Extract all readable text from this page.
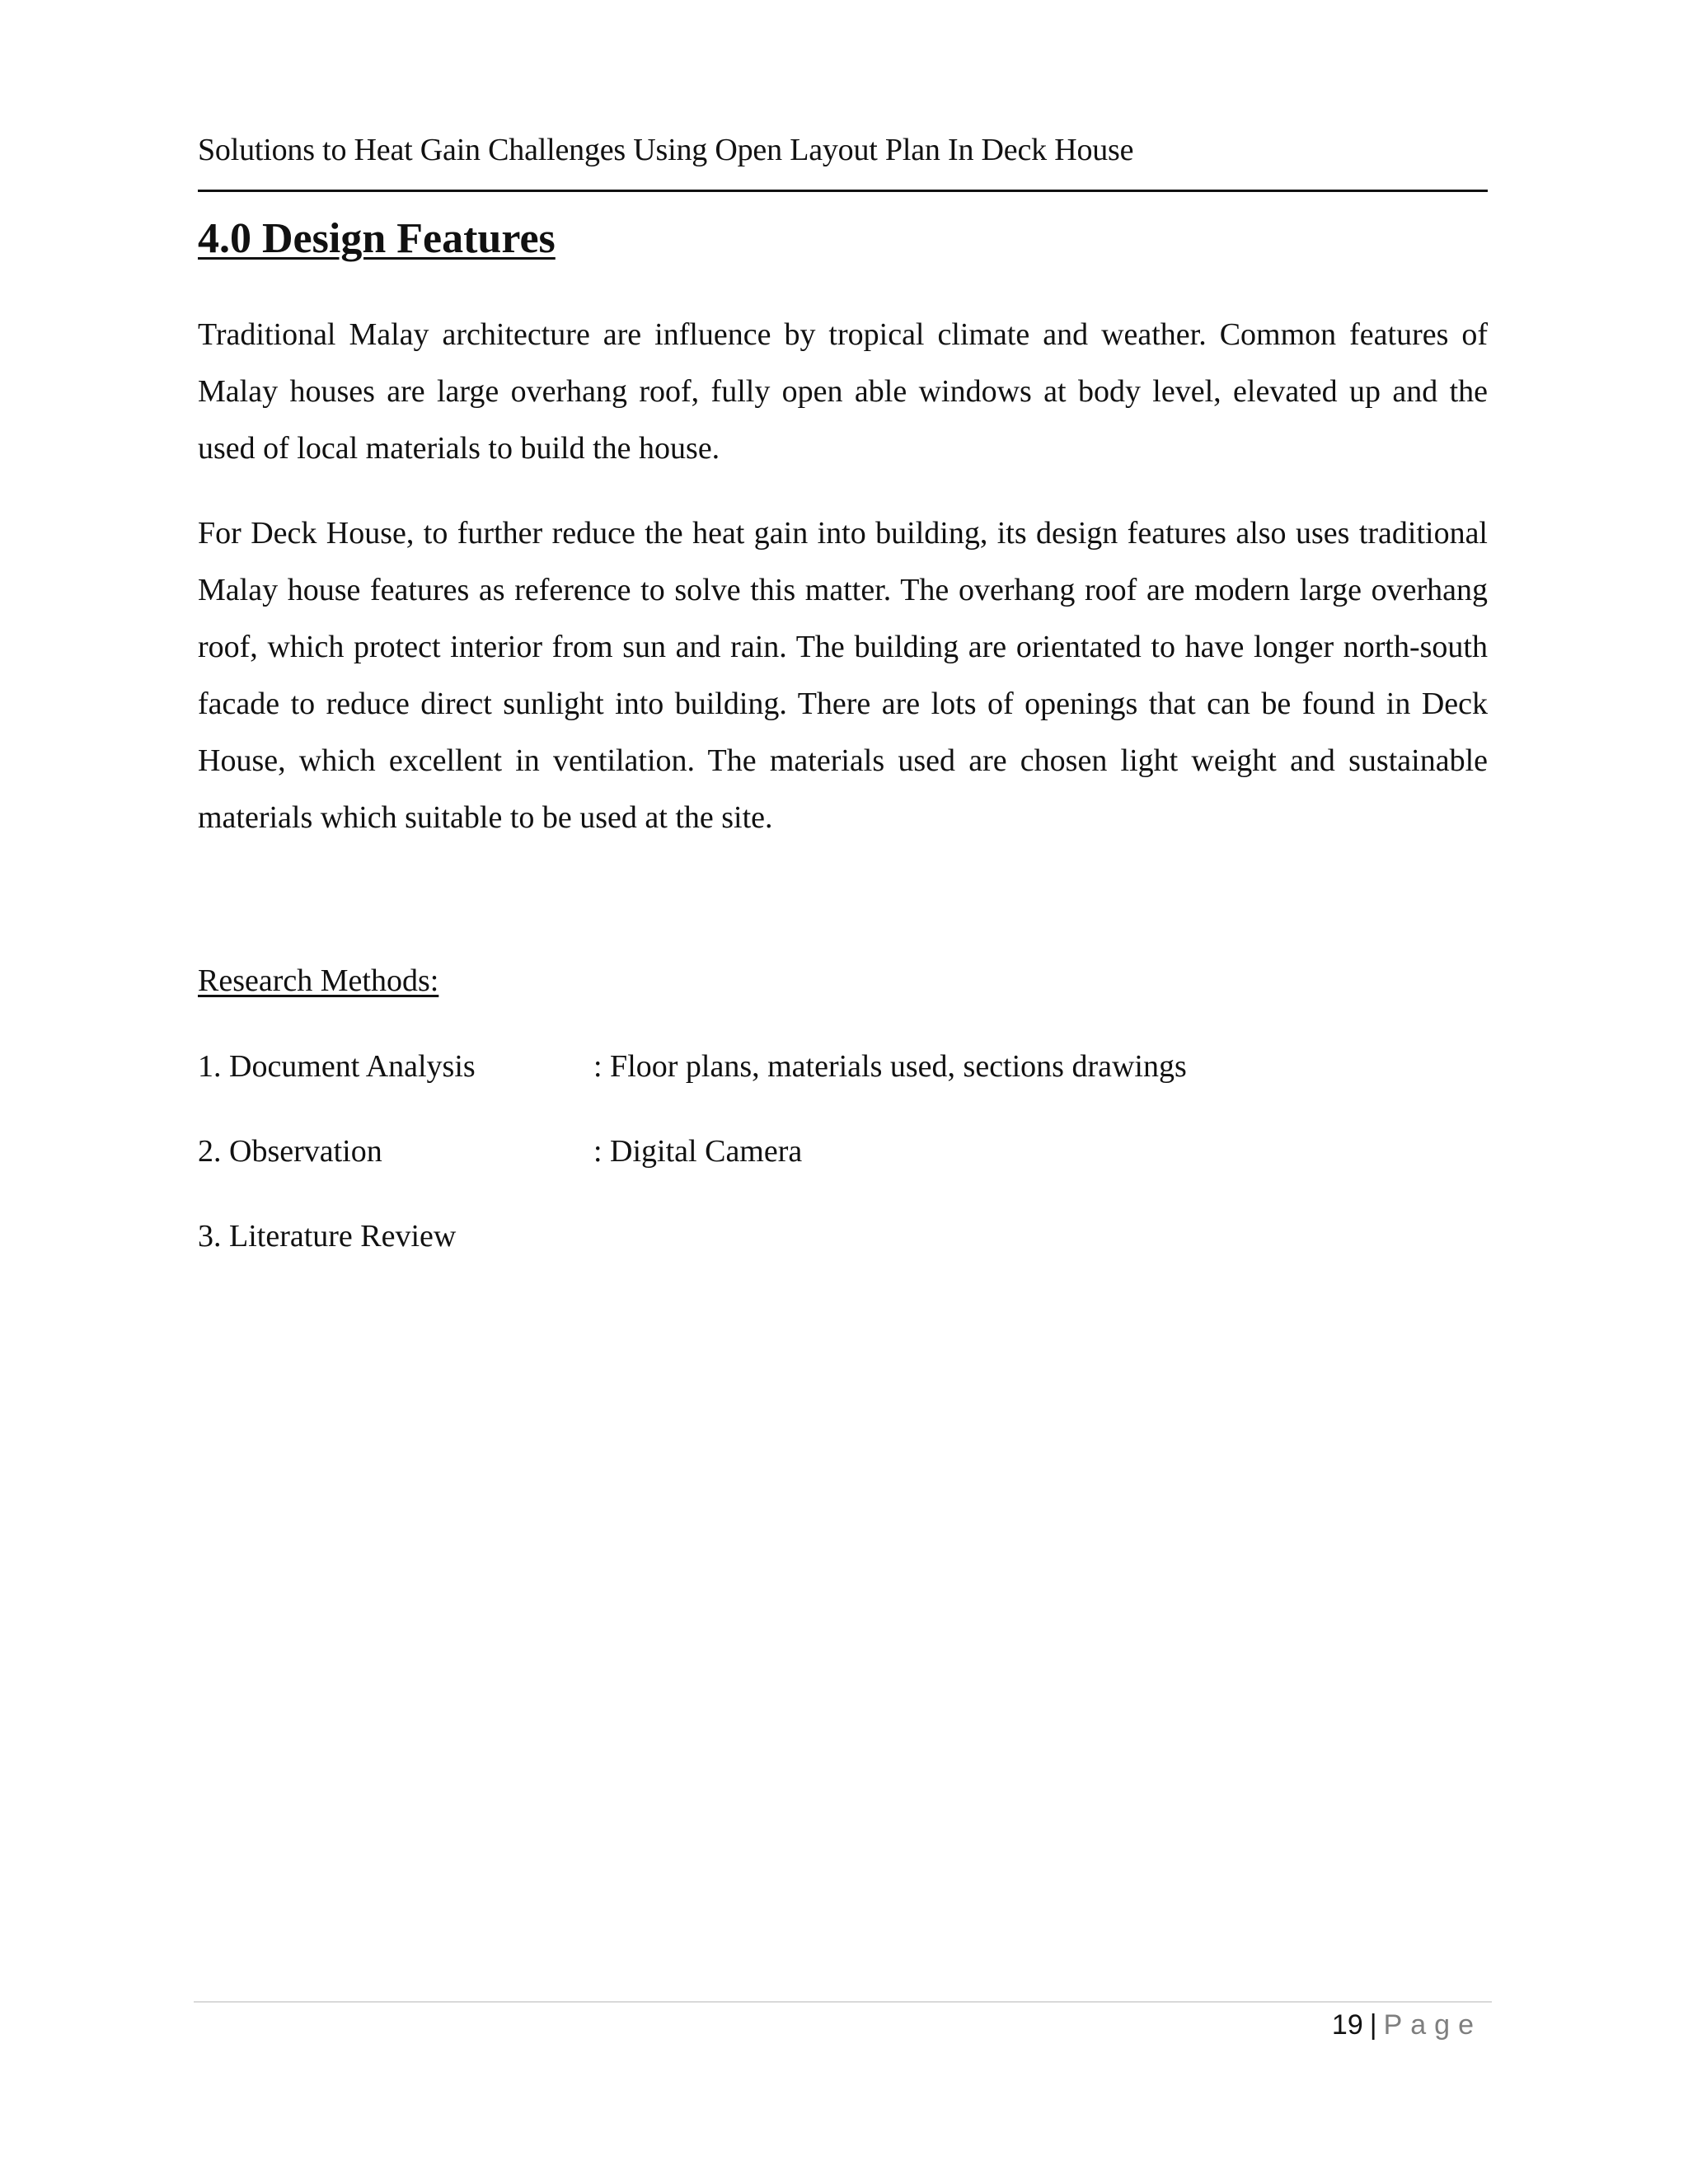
Solutions to Heat Gain Challenges Using Open Layout Plan In Deck House
4.0 Design Features

Traditional Malay architecture are influence by tropical climate and weather. Common features of Malay houses are large overhang roof, fully open able windows at body level, elevated up and the used of local materials to build the house.

For Deck House, to further reduce the heat gain into building, its design features also uses traditional Malay house features as reference to solve this matter. The overhang roof are modern large overhang roof, which protect interior from sun and rain. The building are orientated to have longer north-south facade to reduce direct sunlight into building. There are lots of openings that can be found in Deck House, which excellent in ventilation. The materials used are chosen light weight and sustainable materials which suitable to be used at the site.

Research Methods:
1. Document Analysis	: Floor plans, materials used, sections drawings
2. Observation	: Digital Camera
3. Literature Review
19 | Page
